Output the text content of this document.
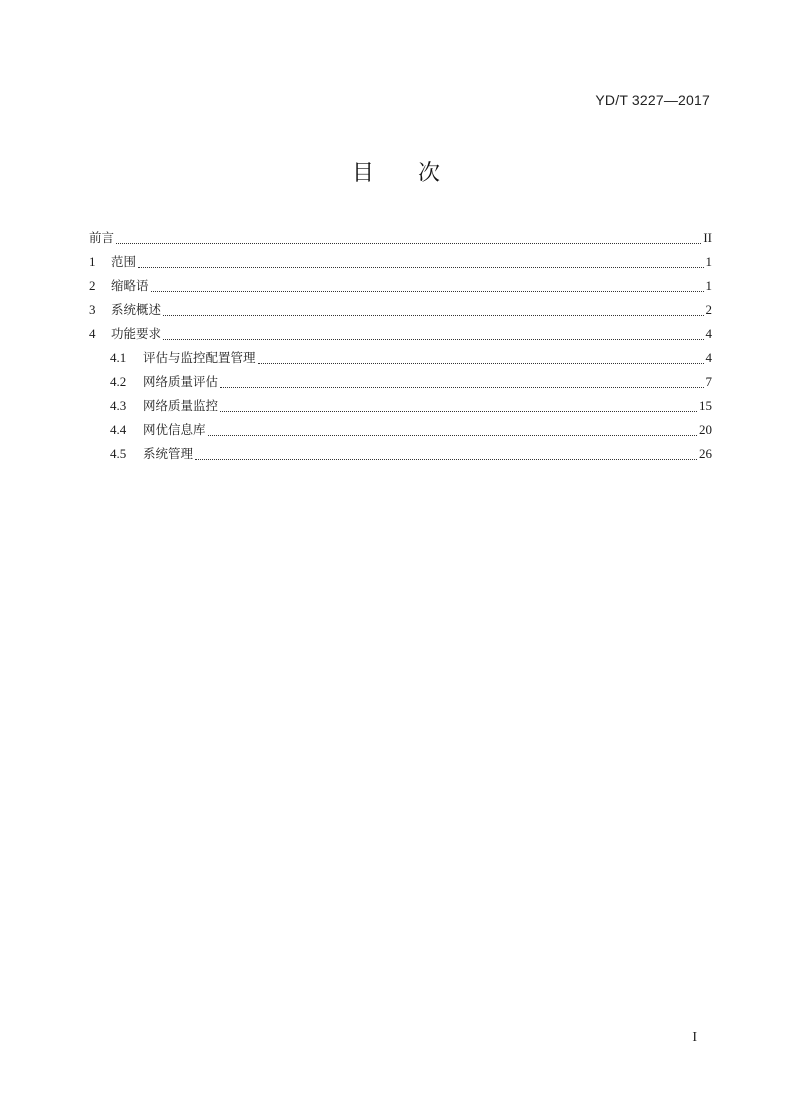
YD/T 3227—2017
目次
前言	II
1	范围	1
2	缩略语	1
3	系统概述	2
4	功能要求	4
4.1	评估与监控配置管理	4
4.2	网络质量评估	7
4.3	网络质量监控	15
4.4	网优信息库	20
4.5	系统管理	26
I
